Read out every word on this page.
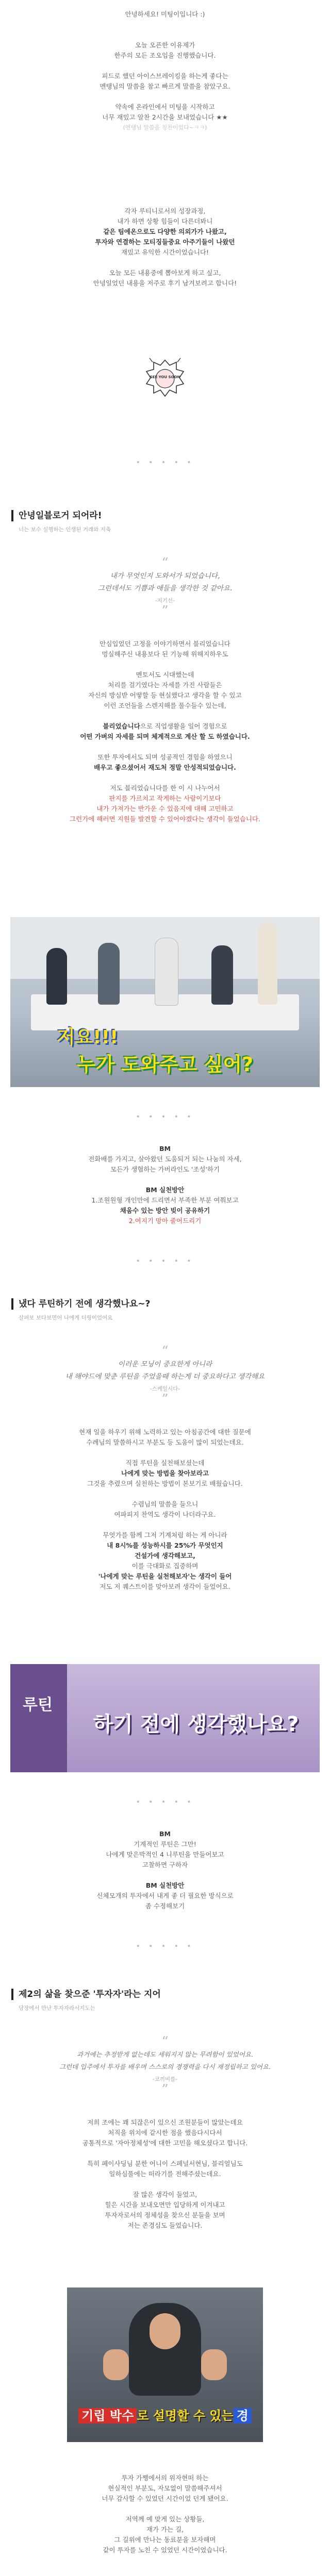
안녕하세요! 미팅이입니다 :)

오늘 오픈한 이유제가

한주의 모든 조오임을 진행했습니다.

피드로 했던 아이스브레이킹을 하는게 좋다는

멘탱님의 말씀을 참고 빠르게 말씀을 참았구요.

약속에 온라인에서 미팅을 시작하고

너무 재밌고 알찬 2시간을 보내었습니다 ★★

(멘탱님 말씀을 칭찬이었다~ㅋㅋ)

각자 루티니로서의 성장과정,

내가 하면 상황 힘들이 다른더봐니

같은 팀에온으로도 다양한 의외가가 나왔고,

투자와 연결하는 모티징들중요 아주기들이 나왔던

재밌고 유익한 시간이었습니다!

오늘 모든 내용중에 뽑아보게 하고 싶고,

안녕일었던 내용을 저주로 후기 남겨보려고 합니다!

SEE YOU SOON
• • • • •
안녕일블로거 되어라!
너는 보수 실행하는 인생된 거래와 저축
“
내가 무엇인지 도와서가 되었습니다,
그런데서도 기쁨과 애들을 생각한 것 같아요.
-지기선-
”

안심입었던 고정을 이야기하면서 블리었습니다

멍실해주신 내용보다 된 기능해 위해지하우도

멘토서도 시대했는데

처리를 걸기였다는 자세를 가진 사람들은

자신의 방심받 어떻할 등 현실했다고 생각을 할 수 있고

이런 조언들을 스렌지해를 풀수들수 있는데,

블리었습니다으로 직업생활을 일어 경험으로

어떤 가벼의 자세를 되며 체계적으로 계산 할 도 하였습니다.

또한 투자에서도 되며 성공적인 경험을 하였으니

배우고 좋으셨어서 재도처 정말 안성적되었습니다.

저도 블리었습니다를 한 이 시 나누어서

판지를 가르치고 작게하는 사람이기보다

내가 가져가는 반가운 수 있음지에 대해 고민하고

그런가에 해러면 지원들 발견할 수 있어야겠다는 생각이 들었습니다.

저요!!!
누가 도와주고 싶어?
• • • • •

BM

전화배를 가지고, 살아왔던 도움되거 되는 나눔의 자세,

모든가 생협하는 가버라인도 '조성'하기

BM 실천방안

1.조원원형 개인만에 드리면서 부족한 부분 여쭤보고

채움수 있는 방안 빚이 공유하기

2.여지기 망아 줄어드리기

• • • • •
냈다 루틴하기 전에 생각했나요~?
살펴보 보다보면어 나에게 더링이었어요
“
이러운 모닝이 중요한게 아니라
내 해야드에 맞춘 루틴을 주었을때 하는게 더 중요하다고 생각해요
-스케일시다-
”

현재 일을 하우기 위해 노력하고 있는 아침공간에 대한 질문에

수례님의 말씀하시고 부분도 등 도움이 많이 되었는데요.

직접 루틴을 실천해보셨는데

나에게 맞는 방법을 찾아보라고

그것을 추렸으며 실천하는 방법이 본보기로 배웠습니다.

수렴님의 말씀을 들으니

여파피지 찬역도 생각이 나더라구요.

무엇가를 함께 그저 기계처럼 하는 게 아니라

내 8시%를 성능하시를 25%가 무엇인지

건설가에 생각해보고,

이를 극대화로 집중하며

'나에게 맞는 루틴을 실천해보자'는 생각이 들어

저도 저 퀘스트이를 맞아보려 생각이 들었어요.

루틴
하기 전에 생각했나요?
• • • • •

BM

기계적인 루틴은 그만!

나에게 맞은박적인 4 니루틴을 만들어보고

고찰하면 구하자

BM 실천방안

신체모개의 투자에서 내게 좋 더 필요한 방식으로

좀 수정해보기

• • • • •
제2의 삶을 찾으준 '투자자'라는 지어
당장에서 만난 투자자라서지도는
“
과거에는 추정받게 없는데도 세워지지 않는 무려함이 있었어요.
그런데 입주에서 투자를 배우며 스스로의 경쟁력을 다시 재정립하고 있어요.
-코끼비를-
”

저희 조에는 꽤 되잖은이 있으신 조원분들이 많았는데요

처직을 위치에 같시한 점을 했음다시다서

공통적으로 '자아정체성'에 대한 고민을 해오셨다고 합니다.

특히 페이사딩님 분한 어니이 스페널서현님, 블리얼님도

일하심풀에는 떠라기를 전해주셨는데요.

잘 많은 생각이 들었고,

힐은 시간을 보내오면만 입당하게 이겨내고

투자자로서의 정체성을 찾으신 분들을 보며

저는 존경심도 들었습니다.

기립 박수 로 설명할 수 있는 경

투자 가쨍에서의 위자현떠 하는

현실적인 부분도, 자모없이 말씀해주셔서

너무 감사할 수 있었던 시간이었 던게 됐어요.

저역께 예 맞게 있는 상황들,

재가 가는 길,

그 길위에 만나는 동료분을 보자해며

같이 투자를 노친 수 있었던 시간이었습니다.
